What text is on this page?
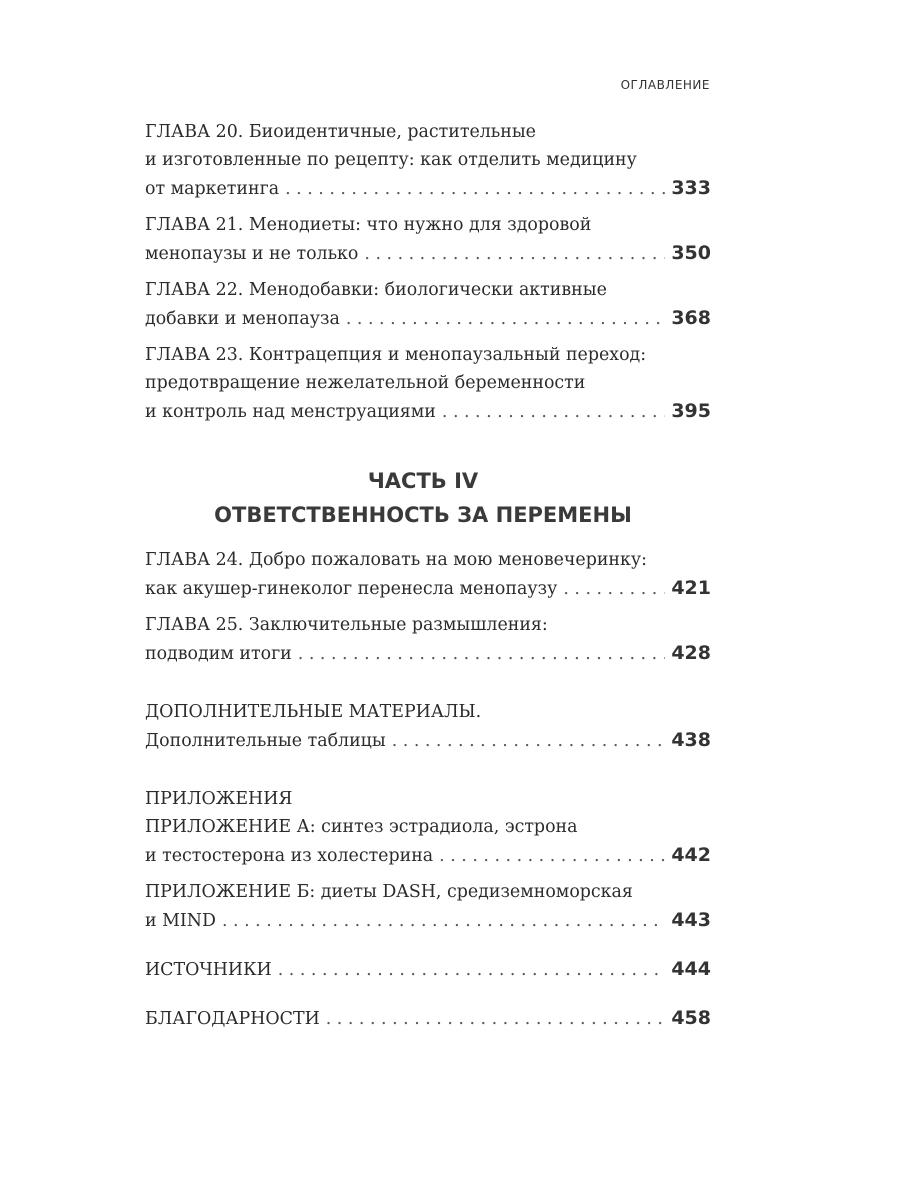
ОГЛАВЛЕНИЕ
ГЛАВА 20. Биоидентичные, растительные
и изготовленные по рецепту: как отделить медицину
от маркетинга . . .	333
ГЛАВА 21. Менодиеты: что нужно для здоровой
менопаузы и не только . . .	350
ГЛАВА 22. Менодобавки: биологически активные
добавки и менопауза . . .	368
ГЛАВА 23. Контрацепция и менопаузальный переход:
предотвращение нежелательной беременности
и контроль над менструациями . . .	395
ЧАСТЬ IV
ОТВЕТСТВЕННОСТЬ ЗА ПЕРЕМЕНЫ
ГЛАВА 24. Добро пожаловать на мою меновечеринку:
как акушер-гинеколог перенесла менопаузу . . .	421
ГЛАВА 25. Заключительные размышления:
подводим итоги . . .	428
ДОПОЛНИТЕЛЬНЫЕ МАТЕРИАЛЫ.
Дополнительные таблицы . . .	438
ПРИЛОЖЕНИЯ
ПРИЛОЖЕНИЕ А: синтез эстрадиола, эстрона
и тестостерона из холестерина . . .	442
ПРИЛОЖЕНИЕ Б: диеты DASH, средиземноморская
и MIND . . .	443
ИСТОЧНИКИ . . .	444
БЛАГОДАРНОСТИ . . .	458
